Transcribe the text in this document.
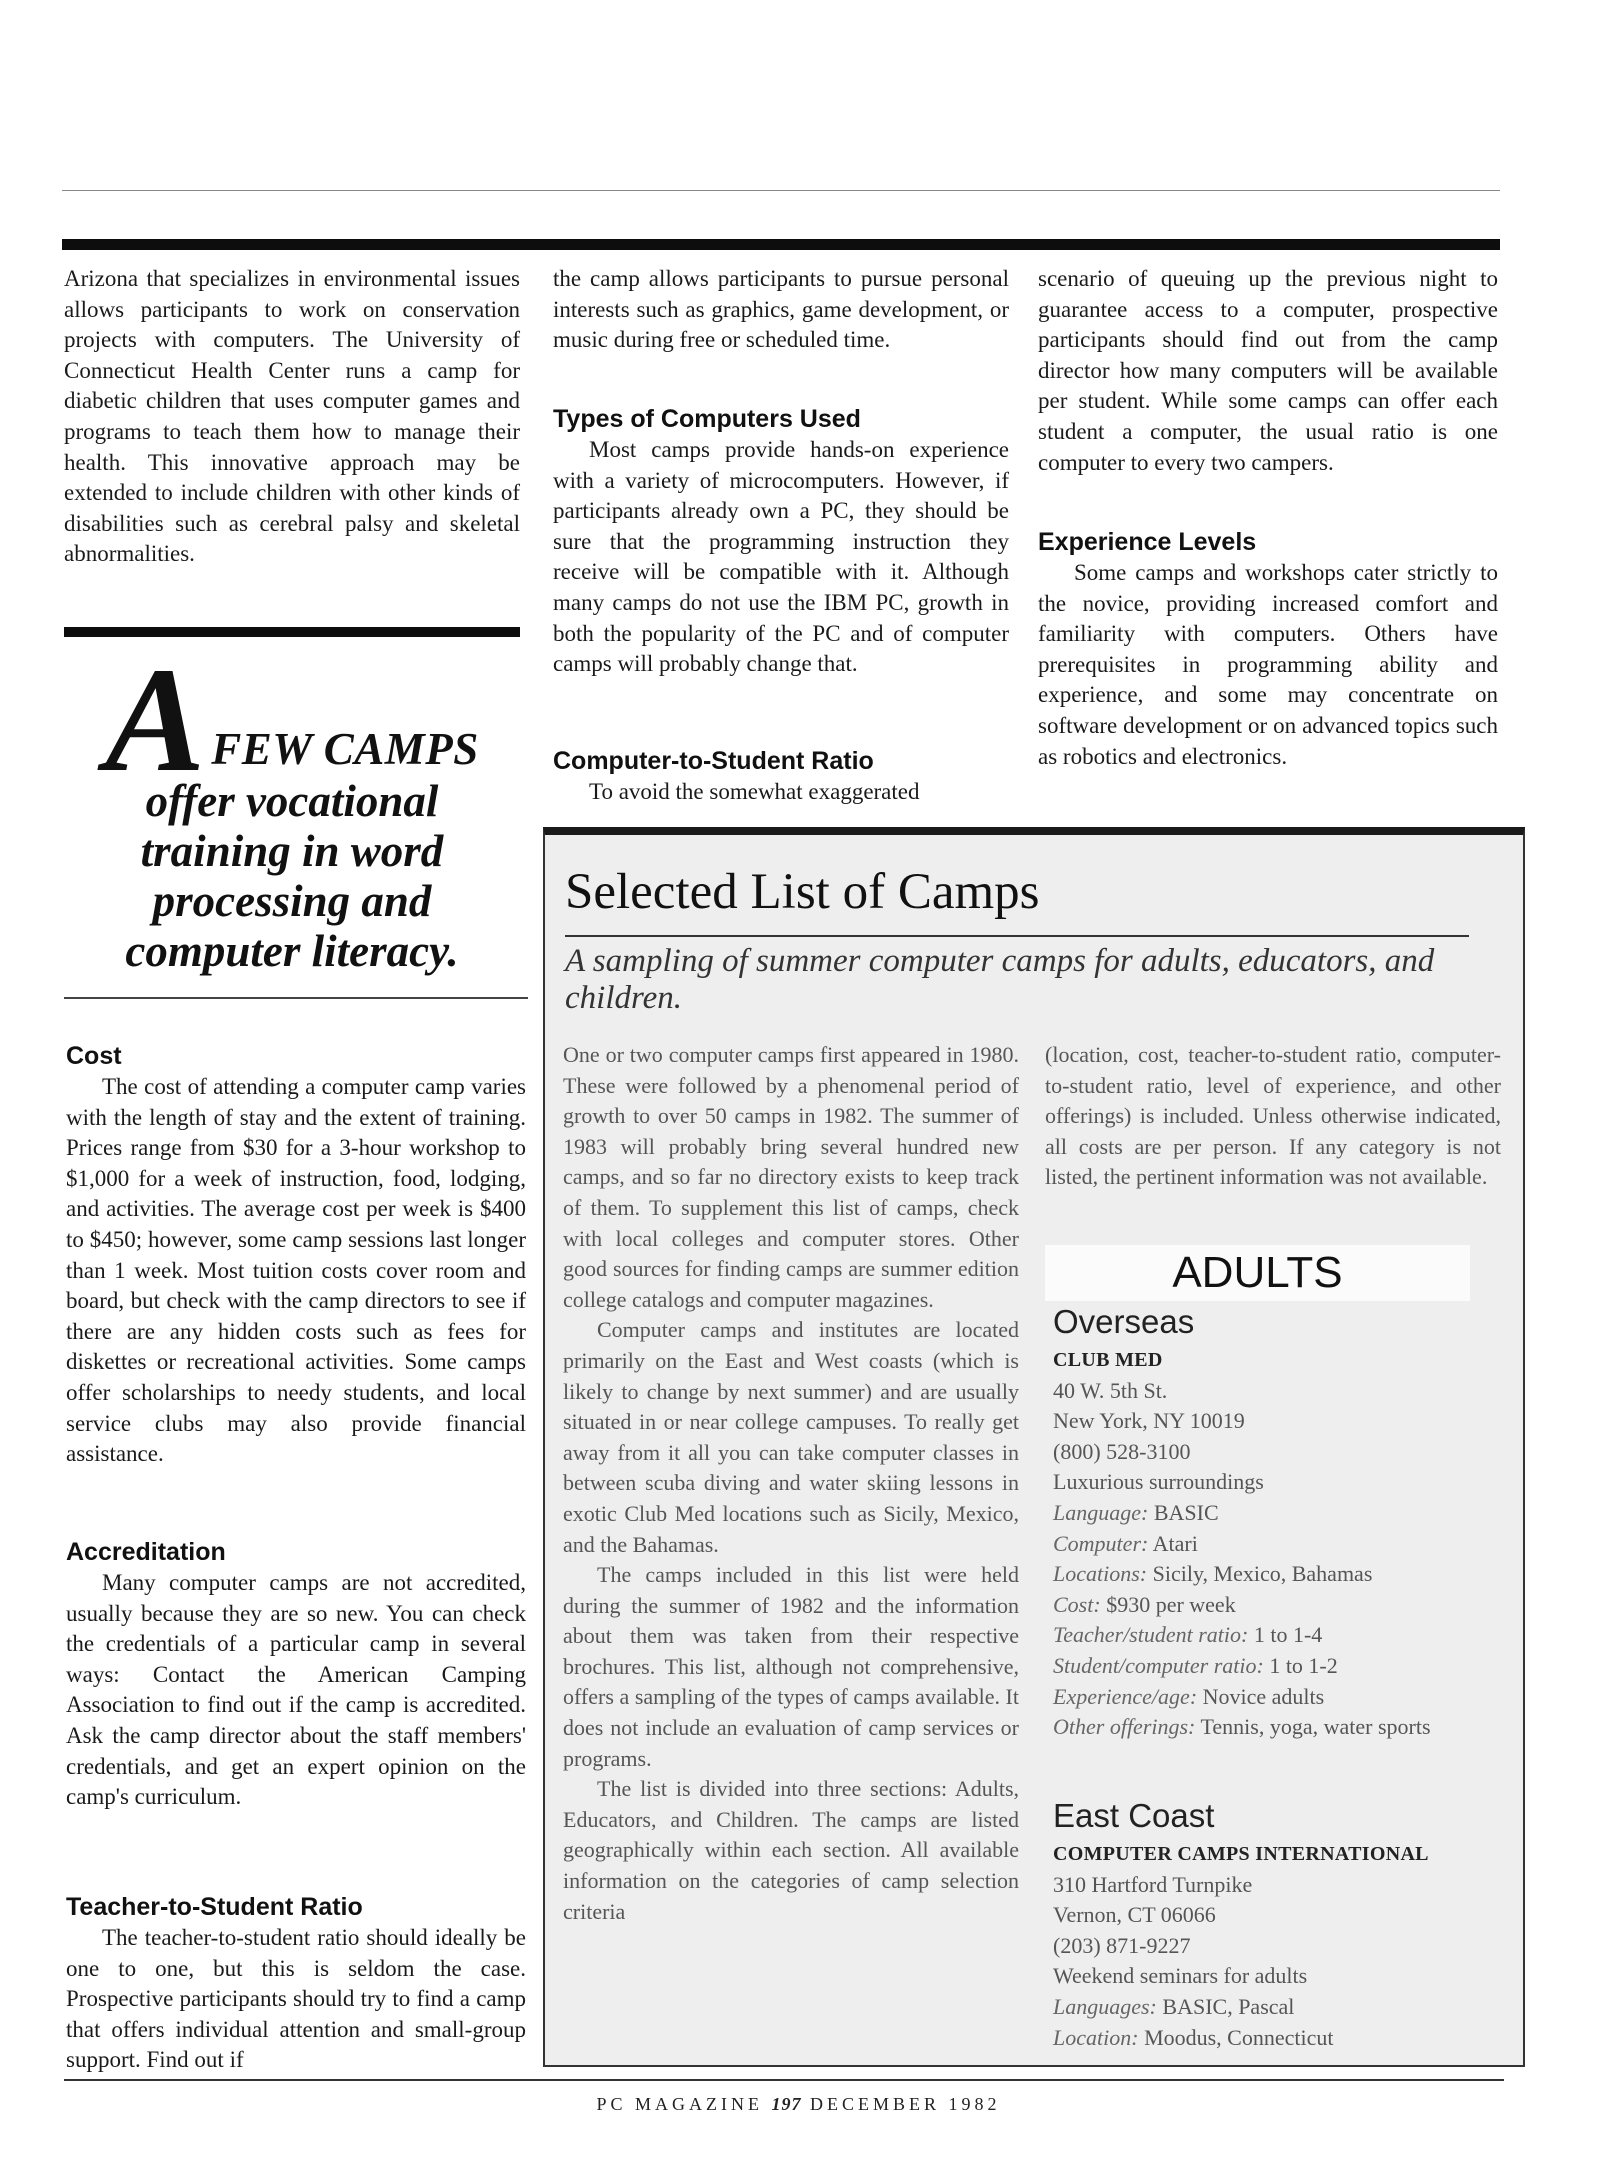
Arizona that specializes in environmental issues allows participants to work on conservation projects with computers. The University of Connecticut Health Center runs a camp for diabetic children that uses computer games and programs to teach them how to manage their health. This innovative approach may be extended to include children with other kinds of disabilities such as cerebral palsy and skeletal abnormalities.

AFEW CAMPS
offer vocational training in word processing and computer literacy.
Cost
The cost of attending a computer camp varies with the length of stay and the extent of training. Prices range from $30 for a 3-hour workshop to $1,000 for a week of instruction, food, lodging, and activities. The average cost per week is $400 to $450; however, some camp sessions last longer than 1 week. Most tuition costs cover room and board, but check with the camp directors to see if there are any hidden costs such as fees for diskettes or recreational activities. Some camps offer scholarships to needy students, and local service clubs may also provide financial assistance.
Accreditation
Many computer camps are not accredited, usually because they are so new. You can check the credentials of a particular camp in several ways: Contact the American Camping Association to find out if the camp is accredited. Ask the camp director about the staff members' credentials, and get an expert opinion on the camp's curriculum.
Teacher-to-Student Ratio
The teacher-to-student ratio should ideally be one to one, but this is seldom the case. Prospective participants should try to find a camp that offers individual attention and small-group support. Find out if

the camp allows participants to pursue personal interests such as graphics, game development, or music during free or scheduled time.

Types of Computers Used
Most camps provide hands-on experience with a variety of microcomputers. However, if participants already own a PC, they should be sure that the programming instruction they receive will be compatible with it. Although many camps do not use the IBM PC, growth in both the popularity of the PC and of computer camps will probably change that.
Computer-to-Student Ratio
To avoid the somewhat exaggerated

scenario of queuing up the previous night to guarantee access to a computer, prospective participants should find out from the camp director how many computers will be available per student. While some camps can offer each student a computer, the usual ratio is one computer to every two campers.

Experience Levels
Some camps and workshops cater strictly to the novice, providing increased comfort and familiarity with computers. Others have prerequisites in programming ability and experience, and some may concentrate on software development or on advanced topics such as robotics and electronics.
Selected List of Camps
A sampling of summer computer camps for adults, educators, and children.

One or two computer camps first appeared in 1980. These were followed by a phenomenal period of growth to over 50 camps in 1982. The summer of 1983 will probably bring several hundred new camps, and so far no directory exists to keep track of them. To supplement this list of camps, check with local colleges and computer stores. Other good sources for finding camps are summer edition college catalogs and computer magazines.

Computer camps and institutes are located primarily on the East and West coasts (which is likely to change by next summer) and are usually situated in or near college campuses. To really get away from it all you can take computer classes in between scuba diving and water skiing lessons in exotic Club Med locations such as Sicily, Mexico, and the Bahamas.

The camps included in this list were held during the summer of 1982 and the information about them was taken from their respective brochures. This list, although not comprehensive, offers a sampling of the types of camps available. It does not include an evaluation of camp services or programs.

The list is divided into three sections: Adults, Educators, and Children. The camps are listed geographically within each section. All available information on the categories of camp selection criteria

(location, cost, teacher-to-student ratio, computer-to-student ratio, level of experience, and other offerings) is included. Unless otherwise indicated, all costs are per person. If any category is not listed, the pertinent information was not available.

ADULTS
Overseas
CLUB MED
40 W. 5th St.
New York, NY 10019
(800) 528-3100
Luxurious surroundings
Language: BASIC
Computer: Atari
Locations: Sicily, Mexico, Bahamas
Cost: $930 per week
Teacher/student ratio: 1 to 1-4
Student/computer ratio: 1 to 1-2
Experience/age: Novice adults
Other offerings: Tennis, yoga, water sports
East Coast
COMPUTER CAMPS INTERNATIONAL
310 Hartford Turnpike
Vernon, CT 06066
(203) 871-9227
Weekend seminars for adults
Languages: BASIC, Pascal
Location: Moodus, Connecticut
PC MAGAZINE 197 DECEMBER 1982
